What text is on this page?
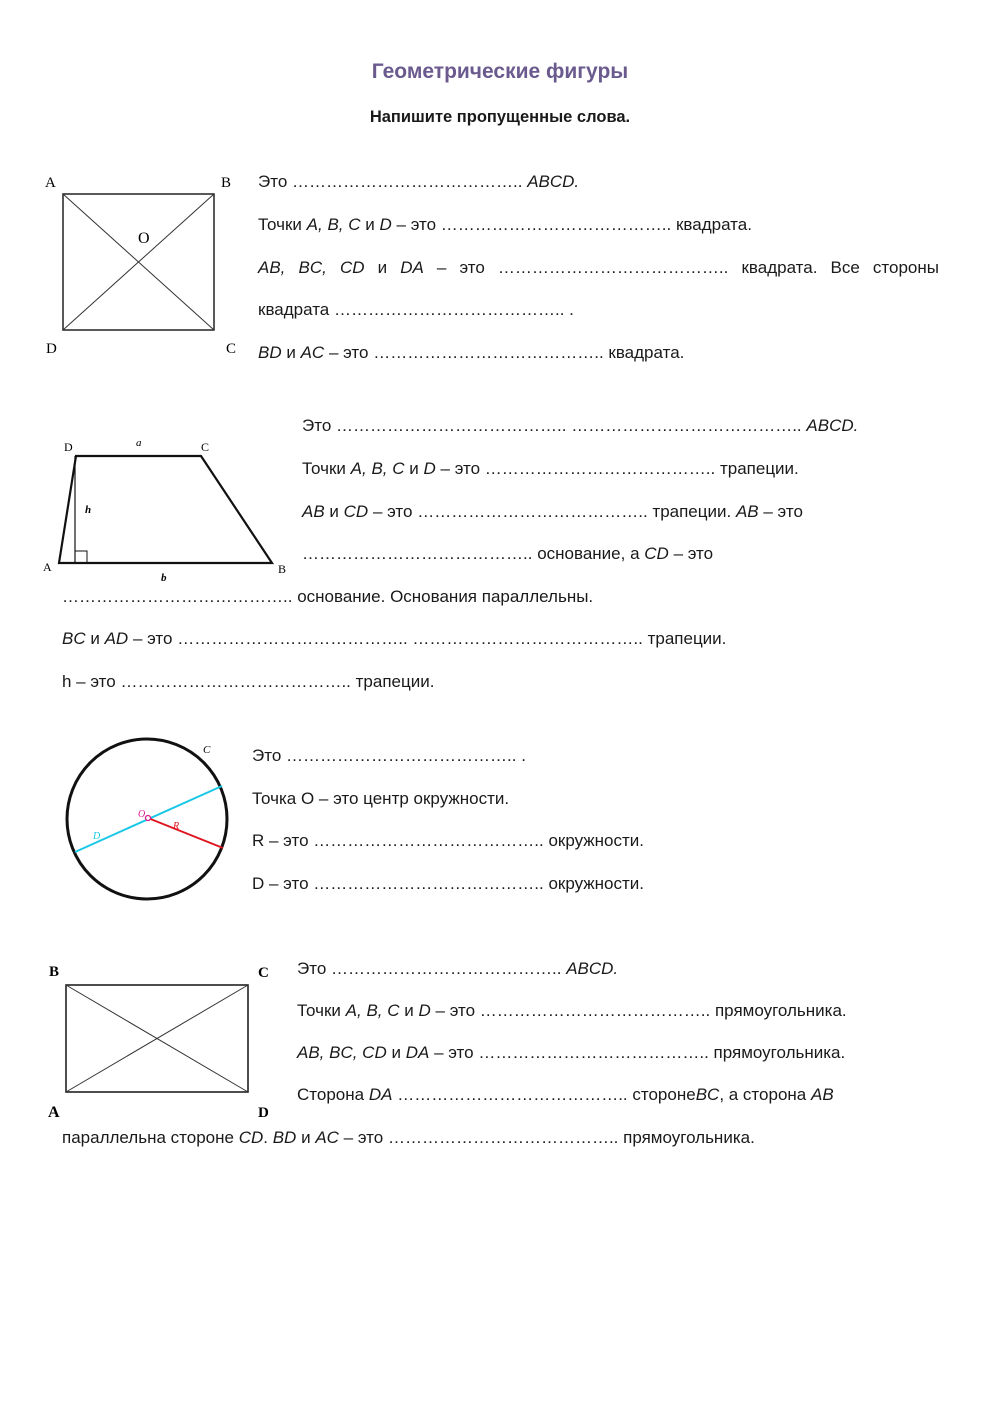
Геометрические фигуры
Напишите пропущенные слова.
A	B
D	C
O
Это ………………………………….. ABCD.
Точки A, B, C и D – это ………………………………….. квадрата.
AB, BC, CD и DA – это ………………………………….. квадрата. Все стороны
квадрата ………………………………….. .
BD и AC – это ………………………………….. квадрата.
D	C
A	B
a
b
h
Это ………………………………….. ………………………………….. ABCD.
Точки A, B, C и D – это ………………………………….. трапеции.
AB и CD – это ………………………………….. трапеции. AB – это
………………………………….. основание, а CD – это
………………………………….. основание. Основания параллельны.
BC и AD – это ………………………………….. ………………………………….. трапеции.
h – это ………………………………….. трапеции.
C
O
R
D
Это ………………………………….. .
Точка О – это центр окружности.
R – это ………………………………….. окружности.
D – это ………………………………….. окружности.
B	C
A	D
Это ………………………………….. ABCD.
Точки A, B, C и D – это ………………………………….. прямоугольника.
AB, BC, CD и DA – это ………………………………….. прямоугольника.
Сторона DA ………………………………….. сторонеBC, а сторона AB
параллельна стороне CD. BD и AC – это ………………………………….. прямоугольника.
